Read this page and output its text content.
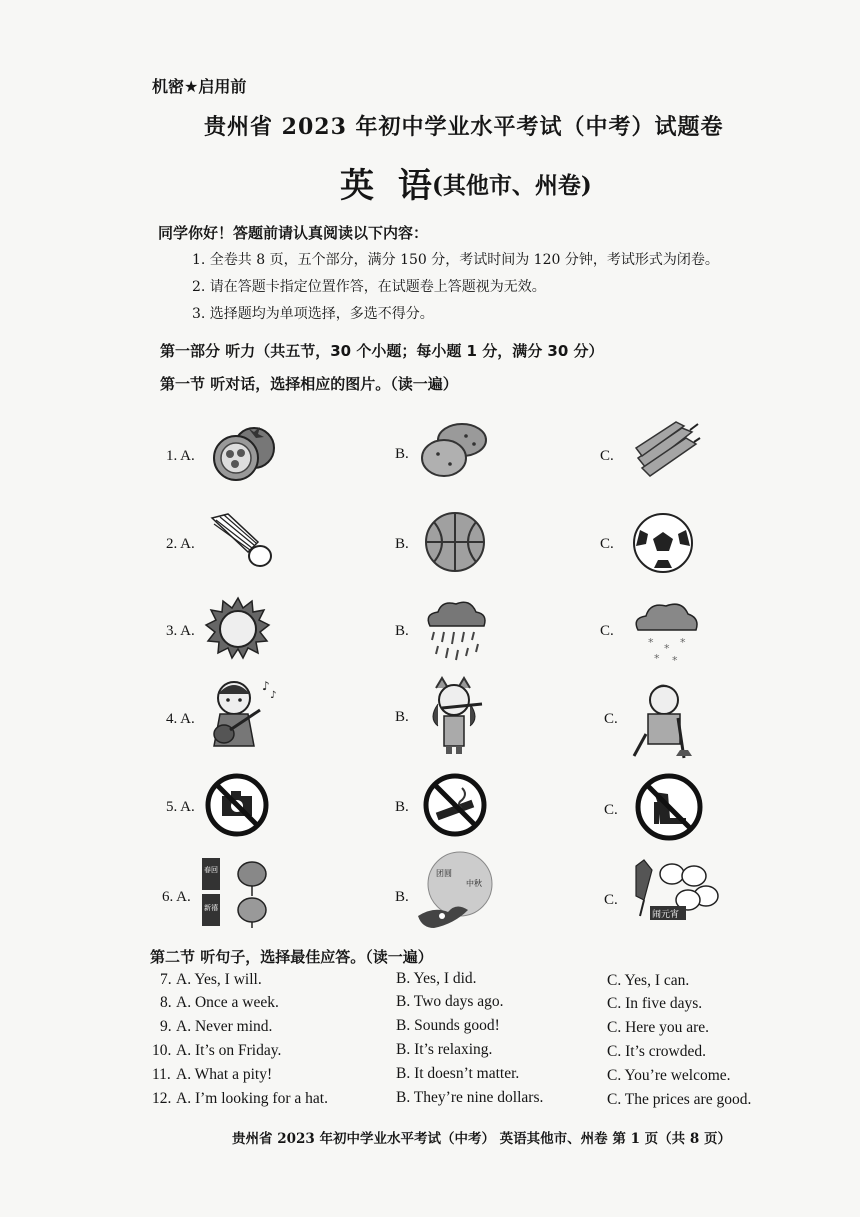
机密★启用前
贵州省 2023 年初中学业水平考试（中考）试题卷
英 语
(其他市、州卷)
同学你好！答题前请认真阅读以下内容：
1. 全卷共 8 页，五个部分，满分 150 分，考试时间为 120 分钟，考试形式为闭卷。
2. 请在答题卡指定位置作答，在试题卷上答题视为无效。
3. 选择题均为单项选择，多选不得分。
第一部分 听力（共五节，30 个小题；每小题 1 分，满分 30 分）
第一节 听对话，选择相应的图片。（读一遍）
1. A.	B.	C.
2. A.	B.	C.
3. A.	B.	C.
* * *
* *
4. A.	B.	C.
♪
♪
5. A.	B.	C.
6. A.	B.	C.
春回
新禧
团圆
中秋
闹元宵
第二节 听句子，选择最佳应答。（读一遍）
7. A. Yes, I will.	B. Yes, I did.	C. Yes, I can.
8. A. Once a week.	B. Two days ago.	C. In five days.
9. A. Never mind.	B. Sounds good!	C. Here you are.
10. A. It’s on Friday.	B. It’s relaxing.	C. It’s crowded.
11. A. What a pity!	B. It doesn’t matter.	C. You’re welcome.
12. A. I’m looking for a hat.	B. They’re nine dollars.	C. The prices are good.
贵州省 2023 年初中学业水平考试（中考） 英语其他市、州卷 第 1 页（共 8 页）
